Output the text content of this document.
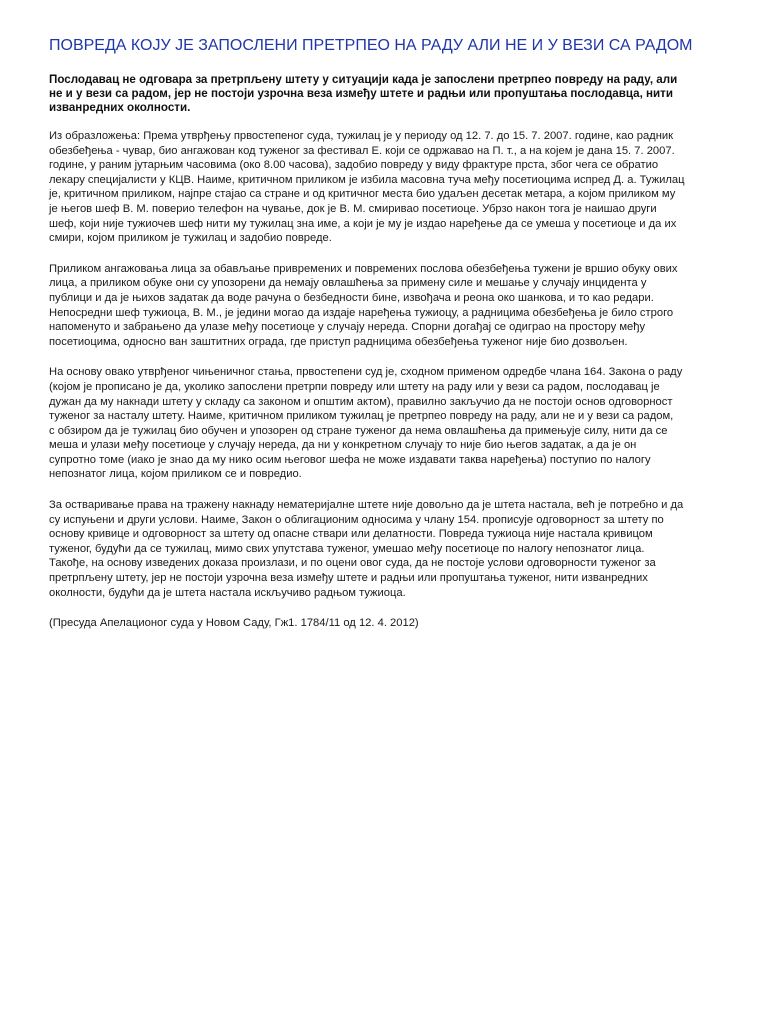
ПОВРЕДА КОЈУ ЈЕ ЗАПОСЛЕНИ ПРЕТРПЕО НА РАДУ АЛИ НЕ И У ВЕЗИ СА РАДОМ

Послодавац не одговара за претрпљену штету у ситуацији када је запослени претрпео повреду на раду, али
не и у вези са радом, јер не постоји узрочна веза између штете и радњи или пропуштања послодавца, нити
изванредних околности.

Из образложења: Према утврђењу првостепеног суда, тужилац је у периоду од 12. 7. до 15. 7. 2007. године, као радник
обезбеђења - чувар, био ангажован код туженог за фестивал Е. који се одржавао на П. т., а на којем је дана 15. 7. 2007.
године, у раним јутарњим часовима (око 8.00 часова), задобио повреду у виду фрактуре прста, због чега се обратио
лекару специјалисти у КЦВ. Наиме, критичном приликом је избила масовна туча међу посетиоцима испред Д. а. Тужилац
је, критичном приликом, најпре стајао са стране и од критичног места био удаљен десетак метара, а којом приликом му
је његов шеф В. М. поверио телефон на чување, док је В. М. смиривао посетиоце. Убрзо након тога је наишао други
шеф, који није тужиочев шеф нити му тужилац зна име, а који је му је издао наређење да се умеша у посетиоце и да их
смири, којом приликом је тужилац и задобио повреде.

Приликом ангажовања лица за обављање привремених и повремених послова обезбеђења тужени је вршио обуку ових
лица, а приликом обуке они су упозорени да немају овлашћења за примену силе и мешање у случају инцидента у
публици и да је њихов задатак да воде рачуна о безбедности бине, извођача и реона око шанкова, и то као редари.
Непосредни шеф тужиоца, В. М., је једини могао да издаје наређења тужиоцу, а радницима обезбеђења је било строго
напоменуто и забрањено да улазе међу посетиоце у случају нереда. Спорни догађај се одиграо на простору међу
посетиоцима, односно ван заштитних ограда, где приступ радницима обезбеђења туженог није био дозвољен.

На основу овако утврђеног чињеничног стања, првостепени суд је, сходном применом одредбе члана 164. Закона о раду
(којом је прописано је да, уколико запослени претрпи повреду или штету на раду или у вези са радом, послодавац је
дужан да му накнади штету у складу са законом и општим актом), правилно закључио да не постоји основ одговорност
туженог за насталу штету. Наиме, критичном приликом тужилац је претрпео повреду на раду, али не и у вези са радом,
с обзиром да је тужилац био обучен и упозорен од стране туженог да нема овлашћења да примењује силу, нити да се
меша и улази међу посетиоце у случају нереда, да ни у конкретном случају то није био његов задатак, а да је он
супротно томе (иако је знао да му нико осим његовог шефа не може издавати таква наређења) поступио по налогу
непознатог лица, којом приликом се и повредио.

За остваривање права на тражену накнаду нематеријалне штете није довољно да је штета настала, већ је потребно и да
су испуњени и други услови. Наиме, Закон о облигационим односима у члану 154. прописује одговорност за штету по
основу кривице и одговорност за штету од опасне ствари или делатности. Повреда тужиоца није настала кривицом
туженог, будући да се тужилац, мимо свих упутстава туженог, умешао међу посетиоце по налогу непознатог лица.
Такође, на основу изведених доказа произлази, и по оцени овог суда, да не постоје услови одговорности туженог за
претрпљену штету, јер не постоји узрочна веза између штете и радњи или пропуштања туженог, нити изванредних
околности, будући да је штета настала искључиво радњом тужиоца.

(Пресуда Апелационог суда у Новом Саду, Гж1. 1784/11 од 12. 4. 2012)
